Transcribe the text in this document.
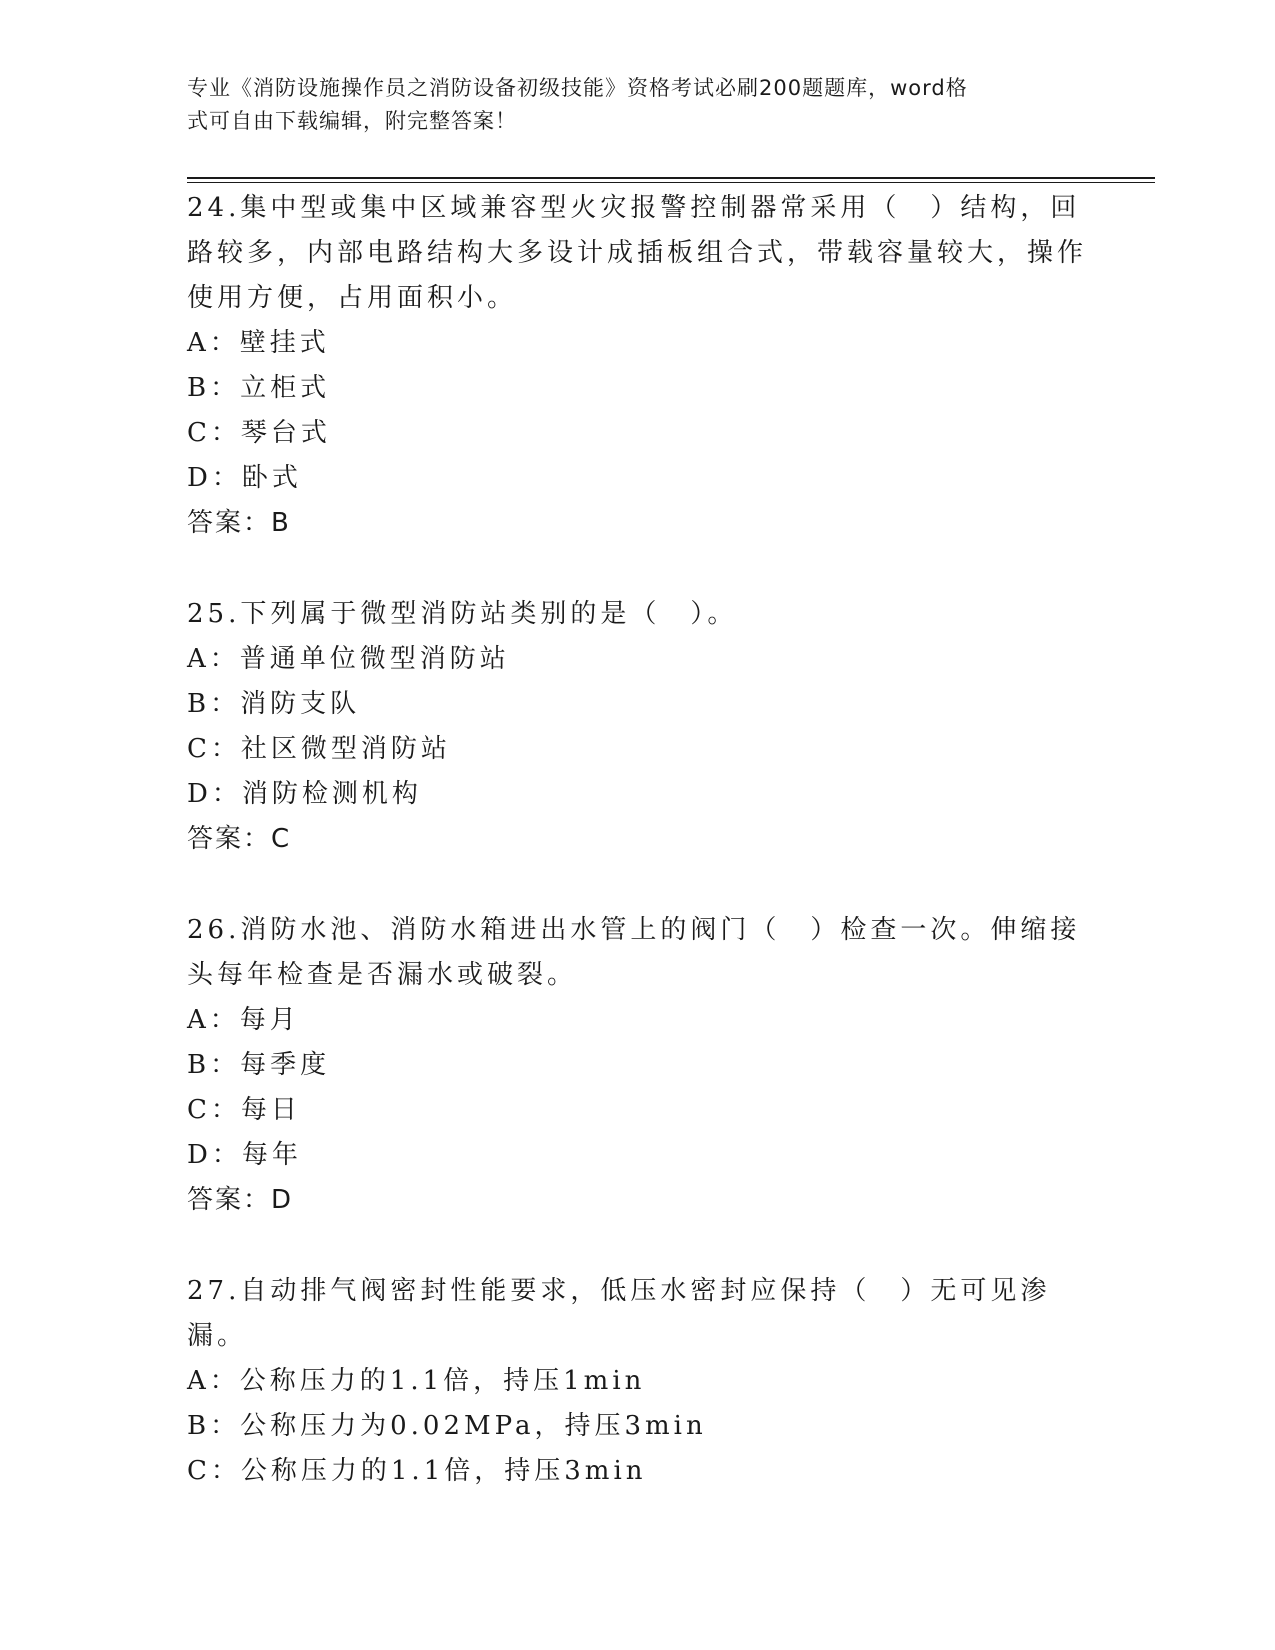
专业《消防设施操作员之消防设备初级技能》资格考试必刷200题题库，word格
式可自由下载编辑，附完整答案！
24.集中型或集中区域兼容型火灾报警控制器常采用（　）结构，回路较多，内部电路结构大多设计成插板组合式，带载容量较大，操作使用方便，占用面积小。
A：壁挂式
B：立柜式
C：琴台式
D：卧式
答案：B
25.下列属于微型消防站类别的是（　）。
A：普通单位微型消防站
B：消防支队
C：社区微型消防站
D：消防检测机构
答案：C
26.消防水池、消防水箱进出水管上的阀门（　）检查一次。伸缩接头每年检查是否漏水或破裂。
A：每月
B：每季度
C：每日
D：每年
答案：D
27.自动排气阀密封性能要求，低压水密封应保持（　）无可见渗漏。
A：公称压力的1.1倍，持压1min
B：公称压力为0.02MPa，持压3min
C：公称压力的1.1倍，持压3min
